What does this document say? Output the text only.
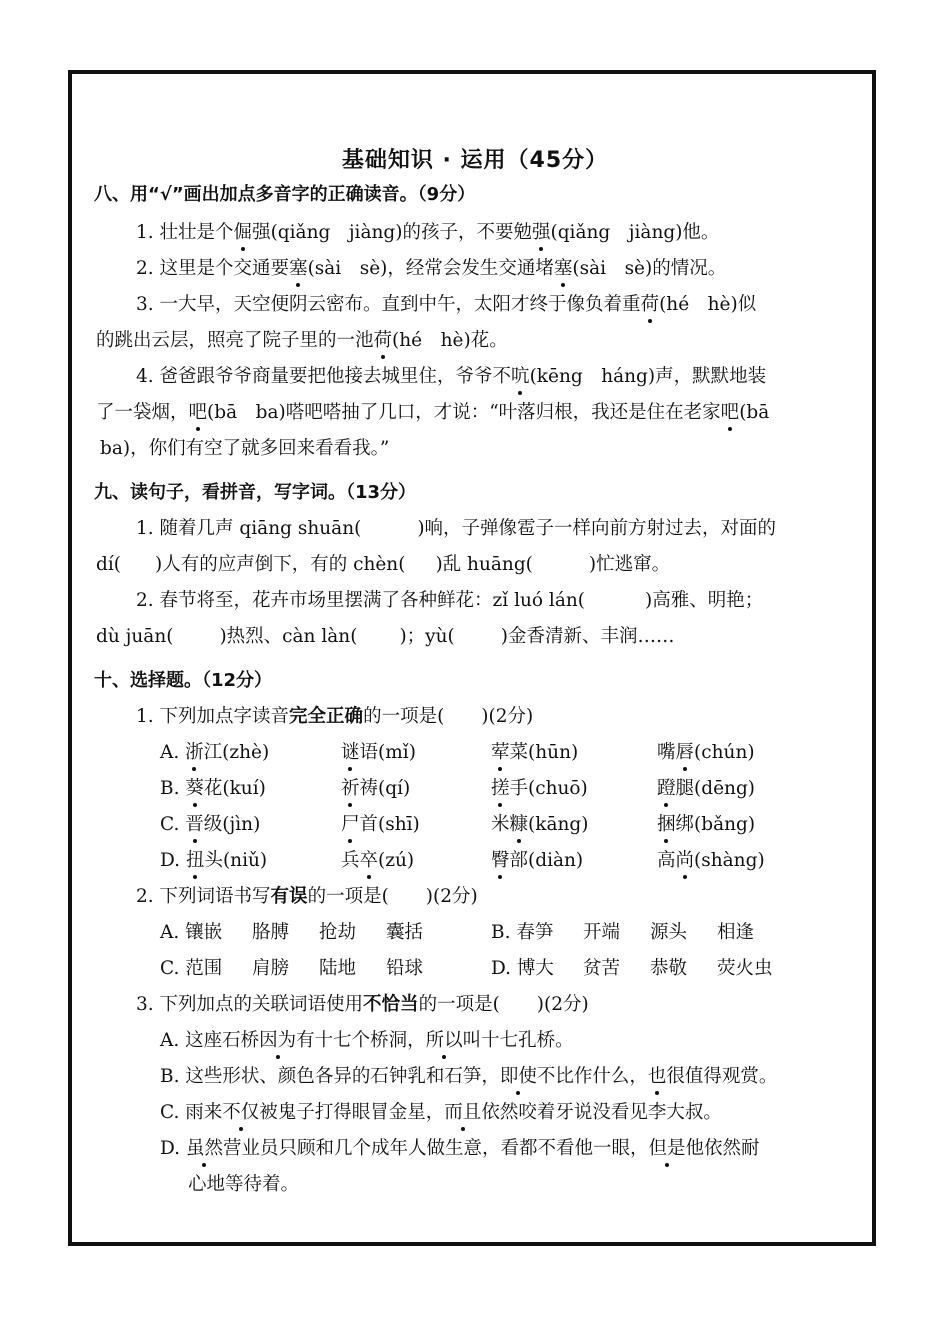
基础知识 · 运用（45分）
八、用“√”画出加点多音字的正确读音。（9分）
1. 壮壮是个倔强(qiǎng　jiàng)的孩子，不要勉强(qiǎng　jiàng)他。
2. 这里是个交通要塞(sài　sè)，经常会发生交通堵塞(sài　sè)的情况。
3. 一大早，天空便阴云密布。直到中午，太阳才终于像负着重荷(hé　hè)似
的跳出云层，照亮了院子里的一池荷(hé　hè)花。
4. 爸爸跟爷爷商量要把他接去城里住，爷爷不吭(kēng　háng)声，默默地装
了一袋烟，吧(bā　ba)嗒吧嗒抽了几口，才说：“叶落归根，我还是住在老家吧(bā
ba)，你们有空了就多回来看看我。”
九、读句子，看拼音，写字词。（13分）
1. 随着几声 qiāng shuān(	)响，子弹像雹子一样向前方射过去，对面的
dí( )人有的应声倒下，有的 chèn( )乱 huāng(	)忙逃窜。
2. 春节将至，花卉市场里摆满了各种鲜花：zǐ luó lán(	)高雅、明艳；
dù juān( )热烈、càn làn( )；yù( )金香清新、丰润……
十、选择题。（12分）
1. 下列加点字读音完全正确的一项是(　　)(2分)
A. 浙江(zhè)	谜语(mǐ)	荤菜(hūn)	嘴唇(chún)
B. 葵花(kuí)	祈祷(qí)	搓手(chuō)	蹬腿(dēng)
C. 晋级(jìn)	尸首(shī)	米糠(kāng)	捆绑(bǎng)
D. 扭头(niǔ)	兵卒(zú)	臀部(diàn)	高尚(shàng)
2. 下列词语书写有误的一项是(　　)(2分)
A. 镶嵌 胳膊 抢劫 囊括	B. 春笋 开端 源头 相逢
C. 范围 肩膀 陆地 铅球	D. 博大 贫苦 恭敬 荧火虫
3. 下列加点的关联词语使用不恰当的一项是(　　)(2分)
A. 这座石桥因为有十七个桥洞，所以叫十七孔桥。
B. 这些形状、颜色各异的石钟乳和石笋，即使不比作什么，也很值得观赏。
C. 雨来不仅被鬼子打得眼冒金星，而且依然咬着牙说没看见李大叔。
D. 虽然营业员只顾和几个成年人做生意，看都不看他一眼，但是他依然耐
心地等待着。
